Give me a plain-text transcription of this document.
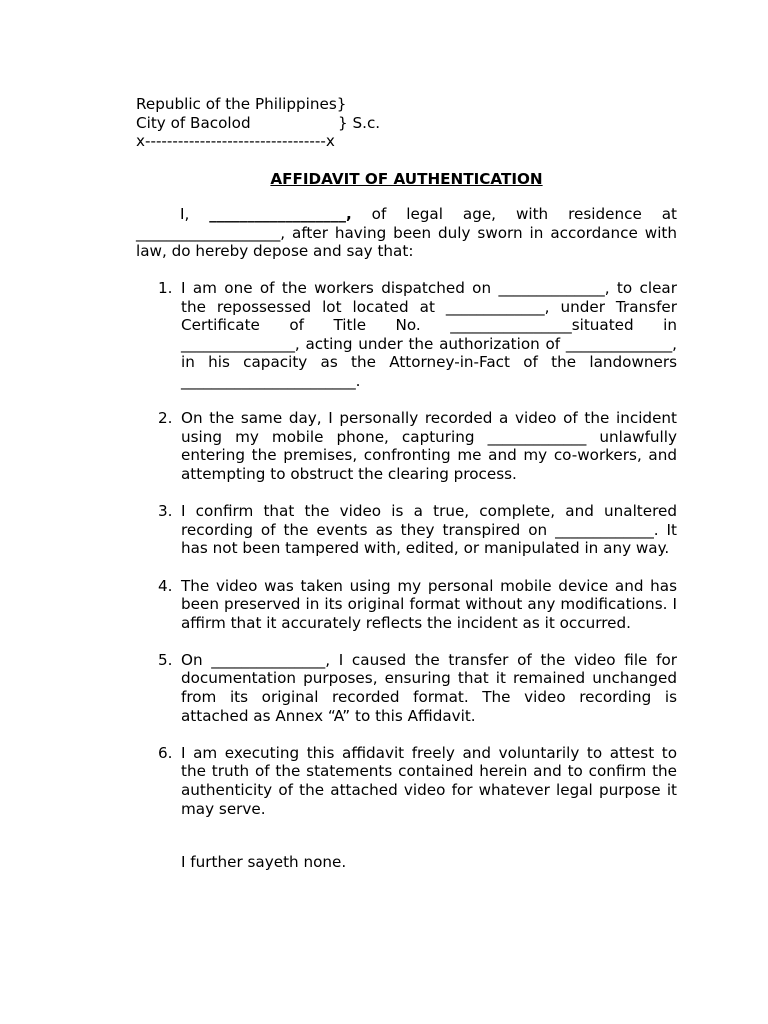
Republic of the Philippines}
City of Bacolod	} S.c.
x---------------------------------x
AFFIDAVIT OF AUTHENTICATION
I, __________________, of legal age, with residence at ___________________, after having been duly sworn in accordance with law, do hereby depose and say that:
1. I am one of the workers dispatched on ______________, to clear the repossessed lot located at _____________, under Transfer Certificate of Title No. ________________situated in _______________, acting under the authorization of ______________, in his capacity as the Attorney-in-Fact of the landowners _______________________.
2. On the same day, I personally recorded a video of the incident using my mobile phone, capturing _____________ unlawfully entering the premises, confronting me and my co-workers, and attempting to obstruct the clearing process.
3. I confirm that the video is a true, complete, and unaltered recording of the events as they transpired on _____________. It has not been tampered with, edited, or manipulated in any way.
4. The video was taken using my personal mobile device and has been preserved in its original format without any modifications. I affirm that it accurately reflects the incident as it occurred.
5. On _______________, I caused the transfer of the video file for documentation purposes, ensuring that it remained unchanged from its original recorded format. The video recording is attached as Annex “A” to this Affidavit.
6. I am executing this affidavit freely and voluntarily to attest to the truth of the statements contained herein and to confirm the authenticity of the attached video for whatever legal purpose it may serve.
I further sayeth none.
